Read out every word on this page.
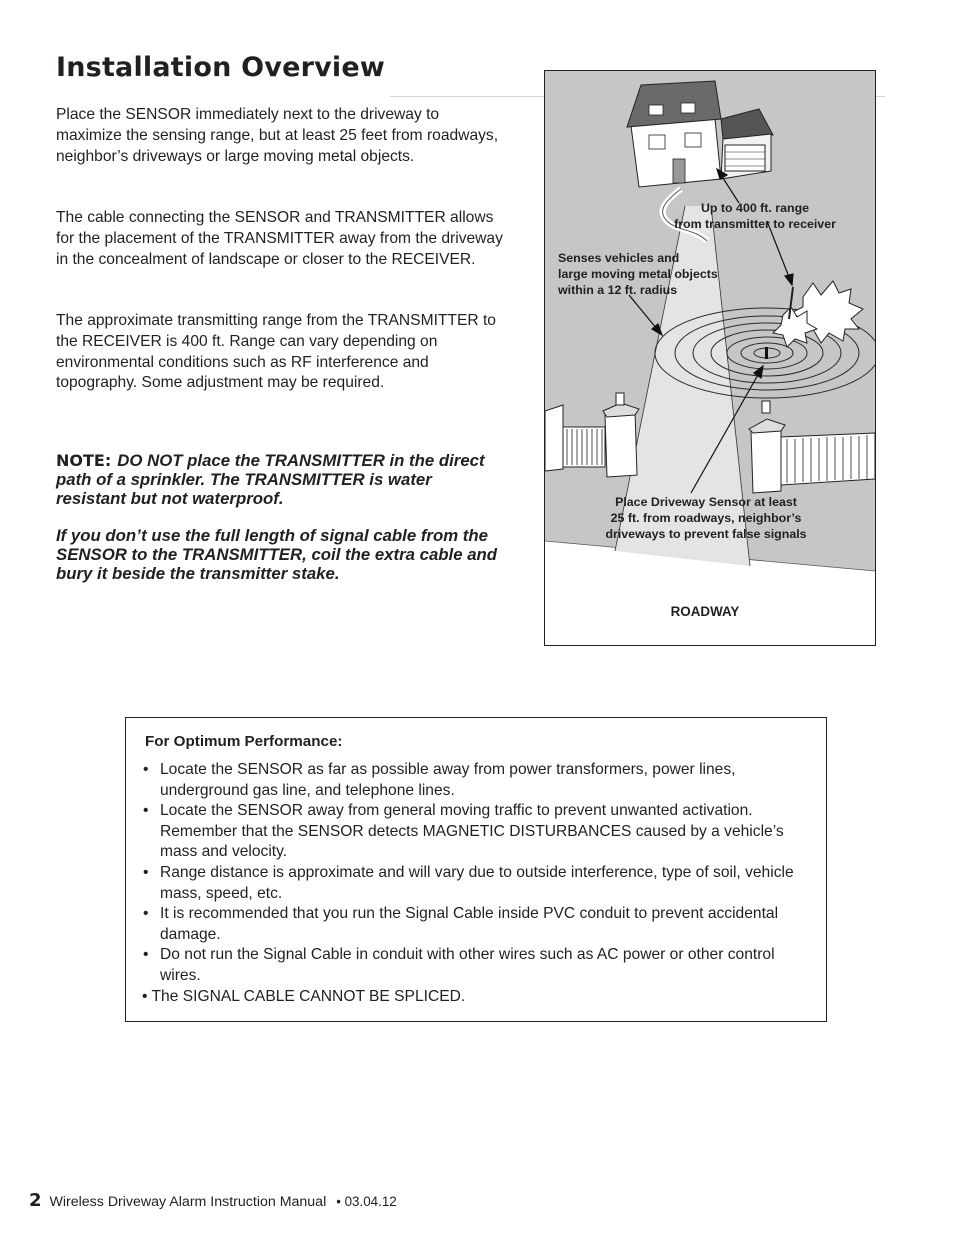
Installation Overview

Place the SENSOR immediately next to the driveway to maximize the sensing range, but at least 25 feet from roadways, neighbor’s driveways or large moving metal objects.

The cable connecting the SENSOR and TRANSMITTER allows for the placement of the TRANSMITTER away from the driveway in the concealment of landscape or closer to the RECEIVER.

The approximate transmitting range from the TRANSMITTER to the RECEIVER is 400 ft. Range can vary depending on environmental conditions such as RF interference and topography. Some adjustment may be required.

NOTE: DO NOT place the TRANSMITTER in the direct path of a sprinkler. The TRANSMITTER is water resistant but not waterproof.

If you don’t use the full length of signal cable from the SENSOR to the TRANSMITTER, coil the extra cable and bury it beside the transmitter stake.

Up to 400 ft. range
from transmitter to receiver
Senses vehicles and
large moving metal objects
within a 12 ft. radius
Place Driveway Sensor at least
25 ft. from roadways, neighbor’s
driveways to prevent false signals
ROADWAY
For Optimum Performance:
• Locate the SENSOR as far as possible away from power transformers, power lines, underground gas line, and telephone lines.
• Locate the SENSOR away from general moving traffic to prevent unwanted activation. Remember that the SENSOR detects MAGNETIC DISTURBANCES caused by a vehicle’s mass and velocity.
• Range distance is approximate and will vary due to outside interference, type of soil, vehicle mass, speed, etc.
• It is recommended that you run the Signal Cable inside PVC conduit to prevent accidental damage.
• Do not run the Signal Cable in conduit with other wires such as AC power or other control wires.
• The SIGNAL CABLE CANNOT BE SPLICED.
2 Wireless Driveway Alarm Instruction Manual • 03.04.12
